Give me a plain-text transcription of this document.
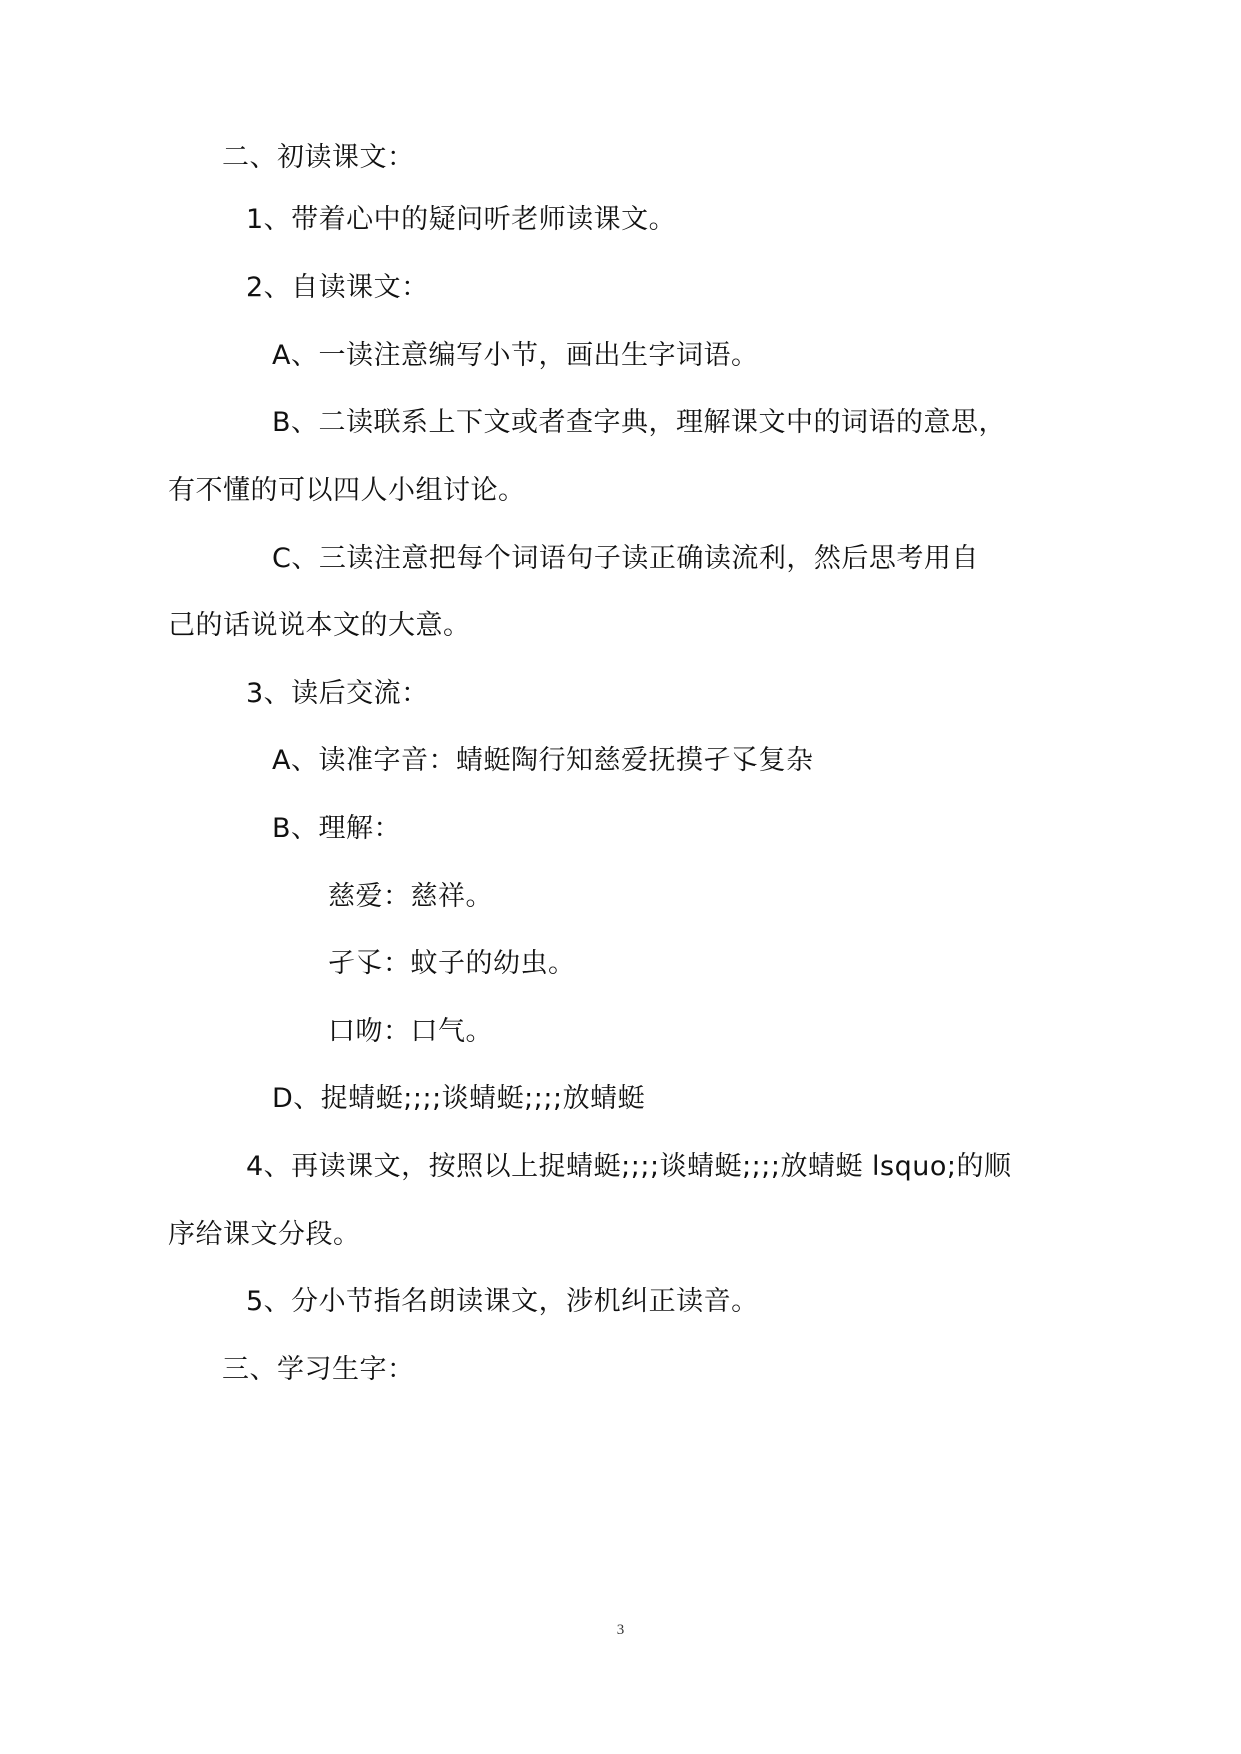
二、初读课文：
1、带着心中的疑问听老师读课文。
2、自读课文：
A、一读注意编写小节，画出生字词语。
B、二读联系上下文或者查字典，理解课文中的词语的意思，
有不懂的可以四人小组讨论。
C、三读注意把每个词语句子读正确读流利，然后思考用自
己的话说说本文的大意。
3、读后交流：
A、读准字音：蜻蜓陶行知慈爱抚摸孑孓复杂
B、理解：
慈爱：慈祥。
孑孓：蚊子的幼虫。
口吻：口气。
D、捉蜻蜓;;;;谈蜻蜓;;;;放蜻蜓
4、再读课文，按照以上捉蜻蜓;;;;谈蜻蜓;;;;放蜻蜓 lsquo;的顺
序给课文分段。
5、分小节指名朗读课文，涉机纠正读音。
三、学习生字：
3
